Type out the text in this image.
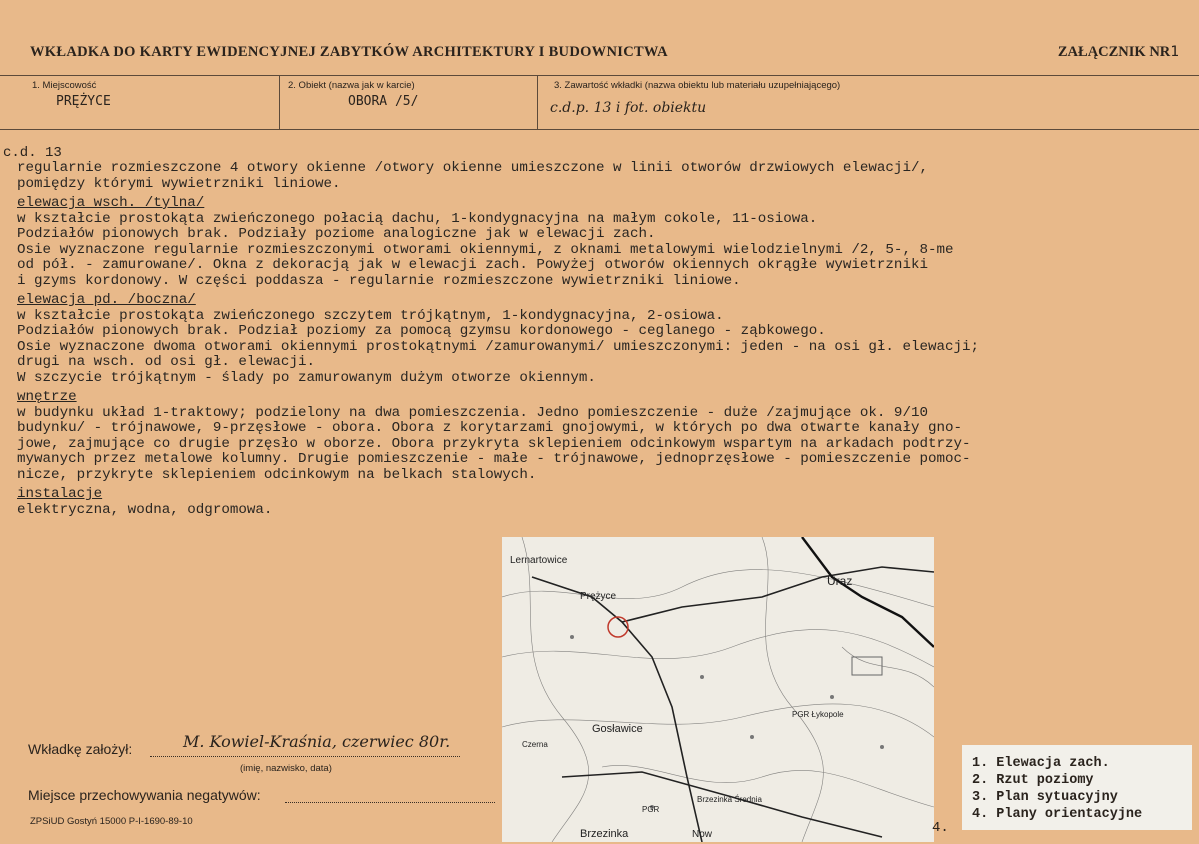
WKŁADKA DO KARTY EWIDENCYJNEJ ZABYTKÓW ARCHITEKTURY I BUDOWNICTWA	ZAŁĄCZNIK NR1
1. Miejscowość
PRĘŻYCE
2. Obiekt (nazwa jak w karcie)
OBORA /5/
3. Zawartość wkładki (nazwa obiektu lub materiału uzupełniającego)
c.d.p. 13 i fot. obiektu
c.d. 13
regularnie rozmieszczone 4 otwory okienne /otwory okienne umieszczone w linii otworów drzwiowych elewacji/,
pomiędzy którymi wywietrzniki liniowe.
elewacja wsch. /tylna/
w kształcie prostokąta zwieńczonego połacią dachu, 1-kondygnacyjna na małym cokole, 11-osiowa.
Podziałów pionowych brak. Podziały poziome analogiczne jak w elewacji zach.
Osie wyznaczone regularnie rozmieszczonymi otworami okiennymi, z oknami metalowymi wielodzielnymi /2, 5-, 8-me
od pół. - zamurowane/. Okna z dekoracją jak w elewacji zach. Powyżej otworów okiennych okrągłe wywietrzniki
i gzyms kordonowy. W części poddasza - regularnie rozmieszczone wywietrzniki liniowe.
elewacja pd. /boczna/
w kształcie prostokąta zwieńczonego szczytem trójkątnym, 1-kondygnacyjna, 2-osiowa.
Podziałów pionowych brak. Podział poziomy za pomocą gzymsu kordonowego - ceglanego - ząbkowego.
Osie wyznaczone dwoma otworami okiennymi prostokątnymi /zamurowanymi/ umieszczonymi: jeden - na osi gł. elewacji;
drugi na wsch. od osi gł. elewacji.
W szczycie trójkątnym - ślady po zamurowanym dużym otworze okiennym.
wnętrze
w budynku układ 1-traktowy; podzielony na dwa pomieszczenia. Jedno pomieszczenie - duże /zajmujące ok. 9/10
budynku/ - trójnawowe, 9-przęsłowe - obora. Obora z korytarzami gnojowymi, w których po dwa otwarte kanały gno-
jowe, zajmujące co drugie przęsło w oborze. Obora przykryta sklepieniem odcinkowym wspartym na arkadach podtrzy-
mywanych przez metalowe kolumny. Drugie pomieszczenie - małe - trójnawowe, jednoprzęsłowe - pomieszczenie pomoc-
nicze, przykryte sklepieniem odcinkowym na belkach stalowych.
instalacje
elektryczna, wodna, odgromowa.
Lernartowice
Prężyce
Uraz
PGR Łykopole
Gosławice
Czerna
Brzezinka Średnia
PGR
Brzezinka	Now	4.
1. Elewacja zach.
2. Rzut poziomy
3. Plan sytuacyjny
4. Plany orientacyjne
Wkładkę założył:	M. Kowiel-Kraśnia, czerwiec 80r.
(imię, nazwisko, data)
Miejsce przechowywania negatywów:
ZPSiUD Gostyń 15000 P-I-1690-89-10
